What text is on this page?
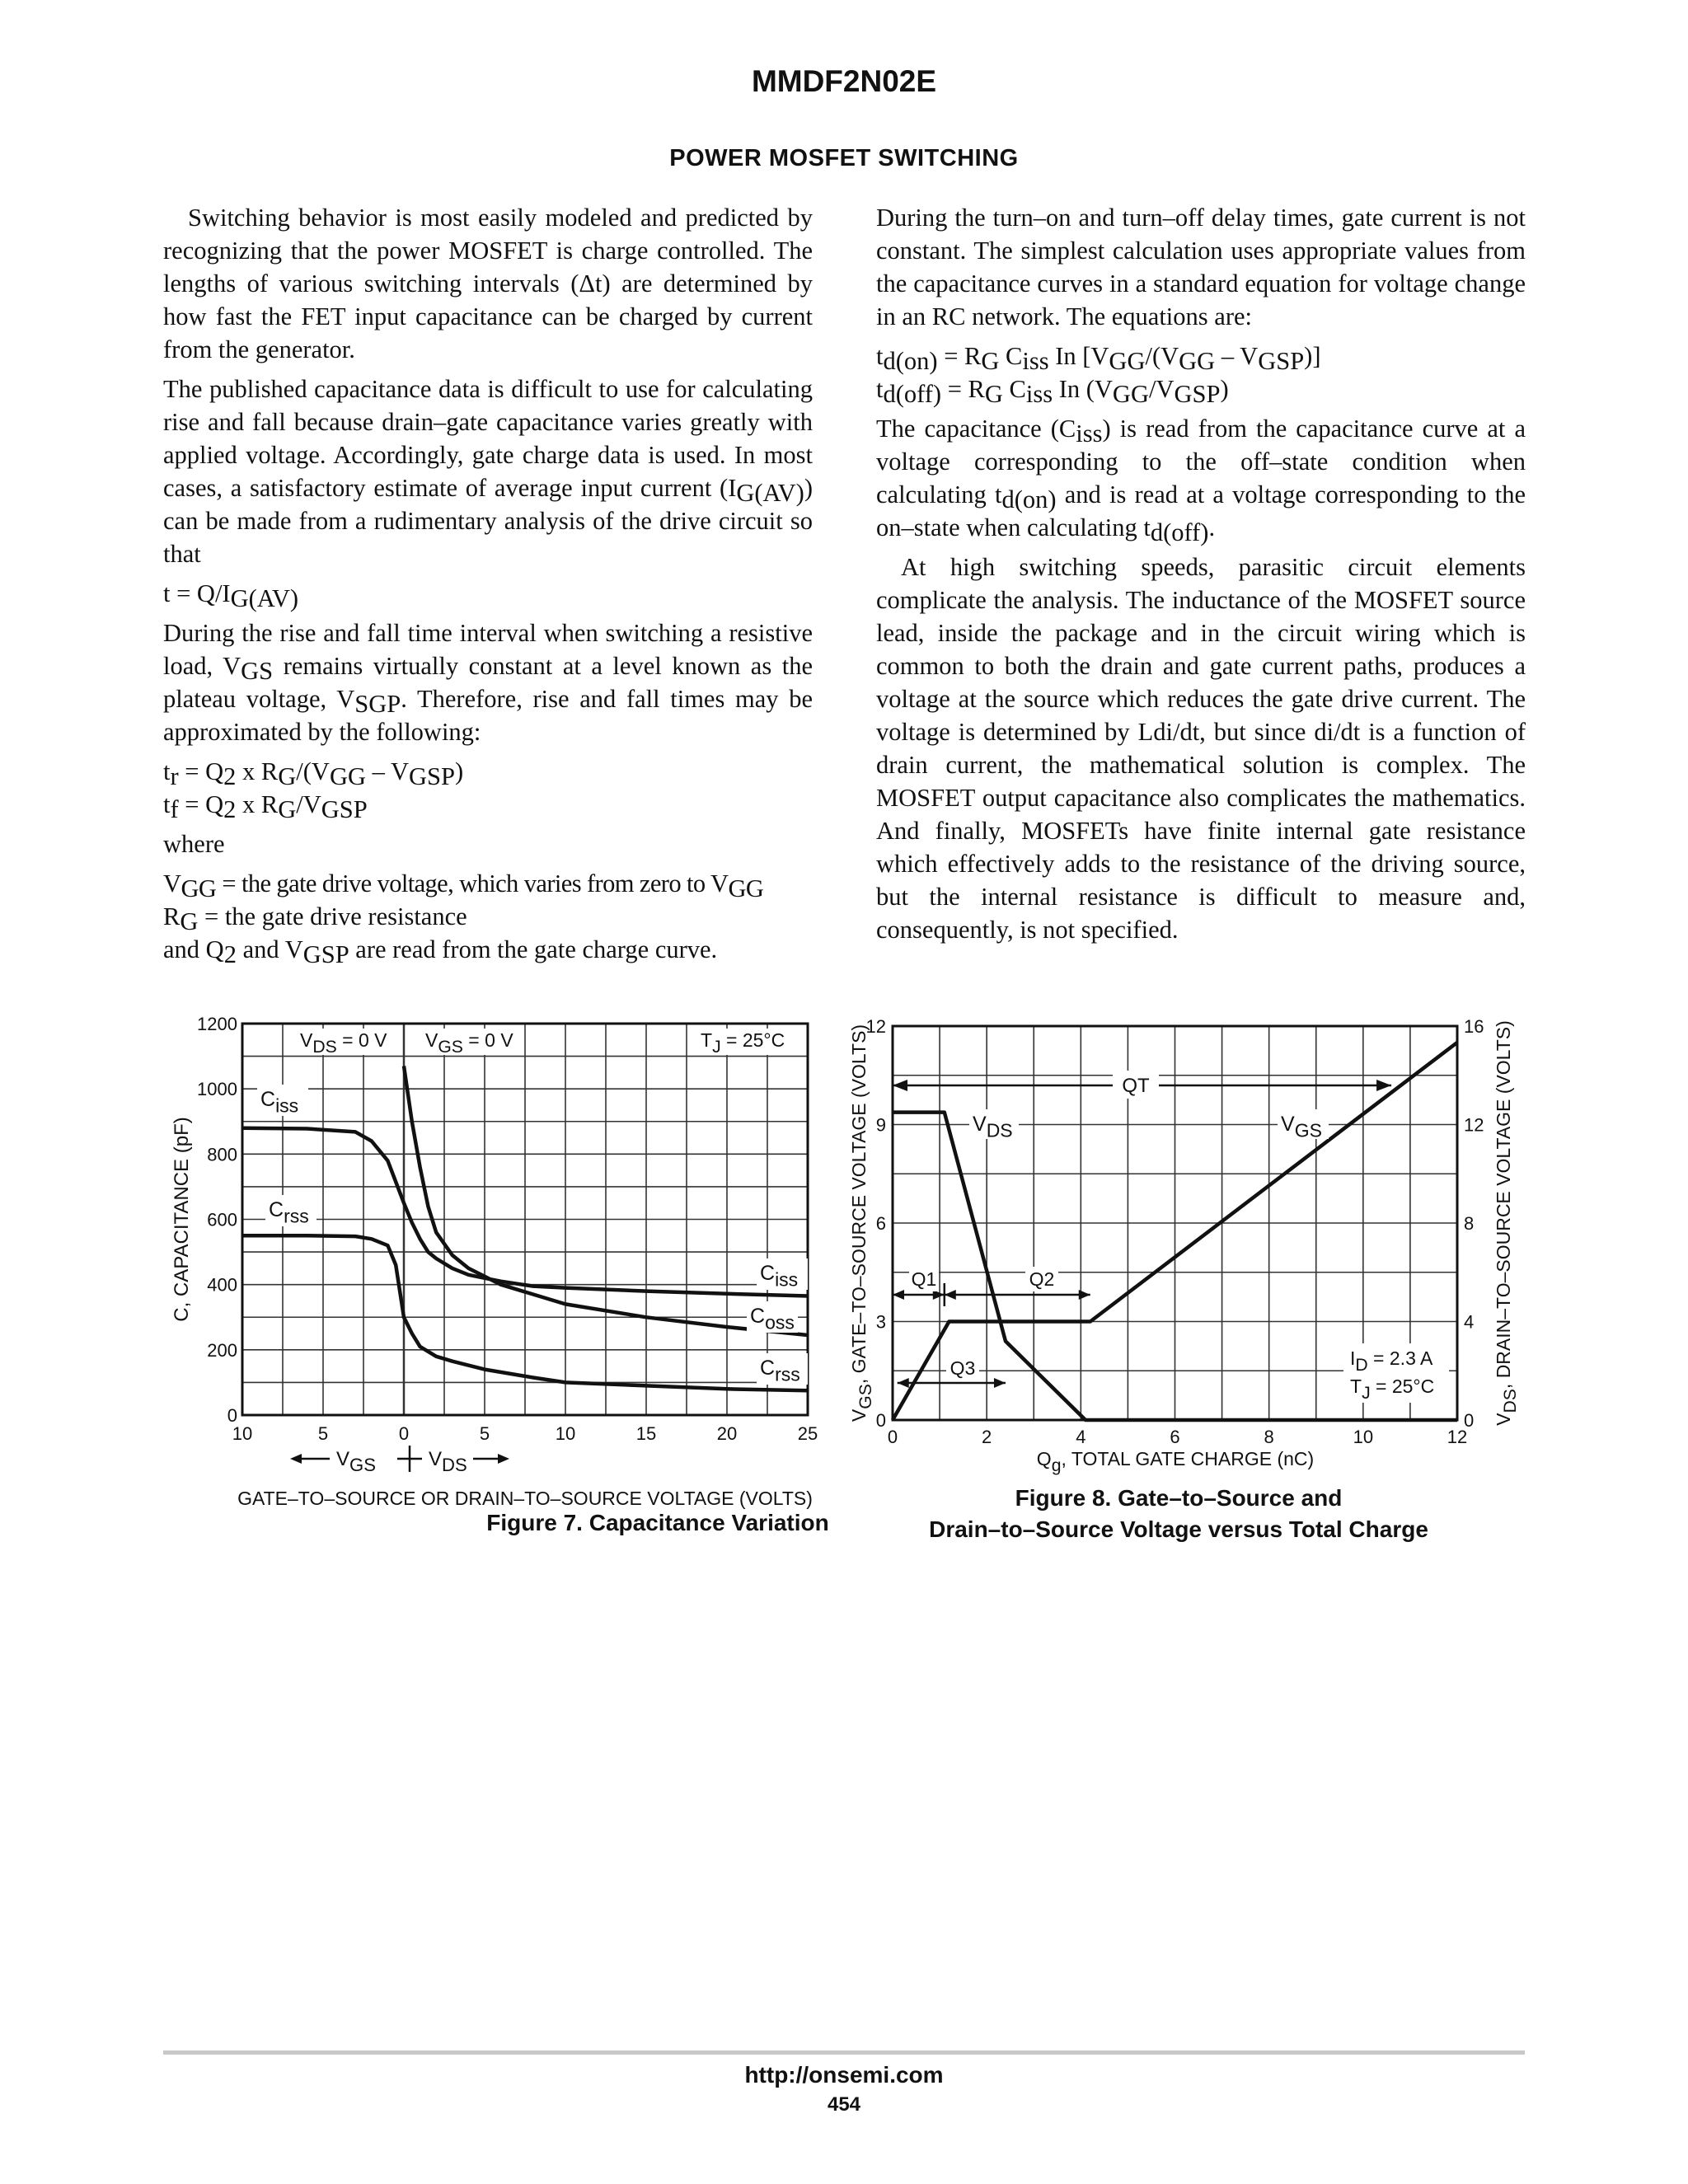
MMDF2N02E
POWER MOSFET SWITCHING

Switching behavior is most easily modeled and predicted by recognizing that the power MOSFET is charge controlled. The lengths of various switching intervals (Δt) are determined by how fast the FET input capacitance can be charged by current from the generator.

The published capacitance data is difficult to use for calculating rise and fall because drain–gate capacitance varies greatly with applied voltage. Accordingly, gate charge data is used. In most cases, a satisfactory estimate of average input current $(I_{G(AV)})$ can be made from a rudimentary analysis of the drive circuit so that

$t = Q/I_{G(AV)}$

During the rise and fall time interval when switching a resistive load, $V_{GS}$ remains virtually constant at a level known as the plateau voltage, $V_{SGP}$. Therefore, rise and fall times may be approximated by the following:

$t_r = Q_2$ x $R_G/(V_{GG} - V_{GSP})$
$t_f = Q_2$ x $R_G/V_{GSP}$
where
$V_{GG}$ = the gate drive voltage, which varies from zero to $V_{GG}$
$R_G$ = the gate drive resistance
and $Q_2$ and $V_{GSP}$ are read from the gate charge curve.

During the turn–on and turn–off delay times, gate current is not constant. The simplest calculation uses appropriate values from the capacitance curves in a standard equation for voltage change in an RC network. The equations are:

$t_{d(on)} = R_G$ $C_{iss}$ In $[V_{GG}/(V_{GG} - V_{GSP})]$
$t_{d(off)} = R_G$ $C_{iss}$ In $(V_{GG}/V_{GSP})$

The capacitance $(C_{iss})$ is read from the capacitance curve at a voltage corresponding to the off–state condition when calculating $t_{d(on)}$ and is read at a voltage corresponding to the on–state when calculating $t_{d(off)}$.

At high switching speeds, parasitic circuit elements complicate the analysis. The inductance of the MOSFET source lead, inside the package and in the circuit wiring which is common to both the drain and gate current paths, produces a voltage at the source which reduces the gate drive current. The voltage is determined by Ldi/dt, but since di/dt is a function of drain current, the mathematical solution is complex. The MOSFET output capacitance also complicates the mathematics. And finally, MOSFETs have finite internal gate resistance which effectively adds to the resistance of the driving source, but the internal resistance is difficult to measure and, consequently, is not specified.

10	5	0	5	10	15	20	25
0
200
400
600
800
1000
1200
C, CAPACITANCE (pF)
GATE–TO–SOURCE OR DRAIN–TO–SOURCE VOLTAGE (VOLTS)
VGS	VDS
VDS = 0 V VGS = 0 V	TJ = 25°C
Ciss
Crss
Ciss
Coss
Crss
Figure 7. Capacitance Variation
0	2	4	6	8	10	12
0
3
6
9
12
0
4
8
12
16
Qg, TOTAL GATE CHARGE (nC)
VGS, GATE–TO–SOURCE VOLTAGE (VOLTS)
VDS, DRAIN–TO–SOURCE VOLTAGE (VOLTS)
QT
Q1	Q2
Q3
VDS	VGS
ID = 2.3 A
TJ = 25°C
Figure 8. Gate–to–Source and
Drain–to–Source Voltage versus Total Charge
http://onsemi.com
454
